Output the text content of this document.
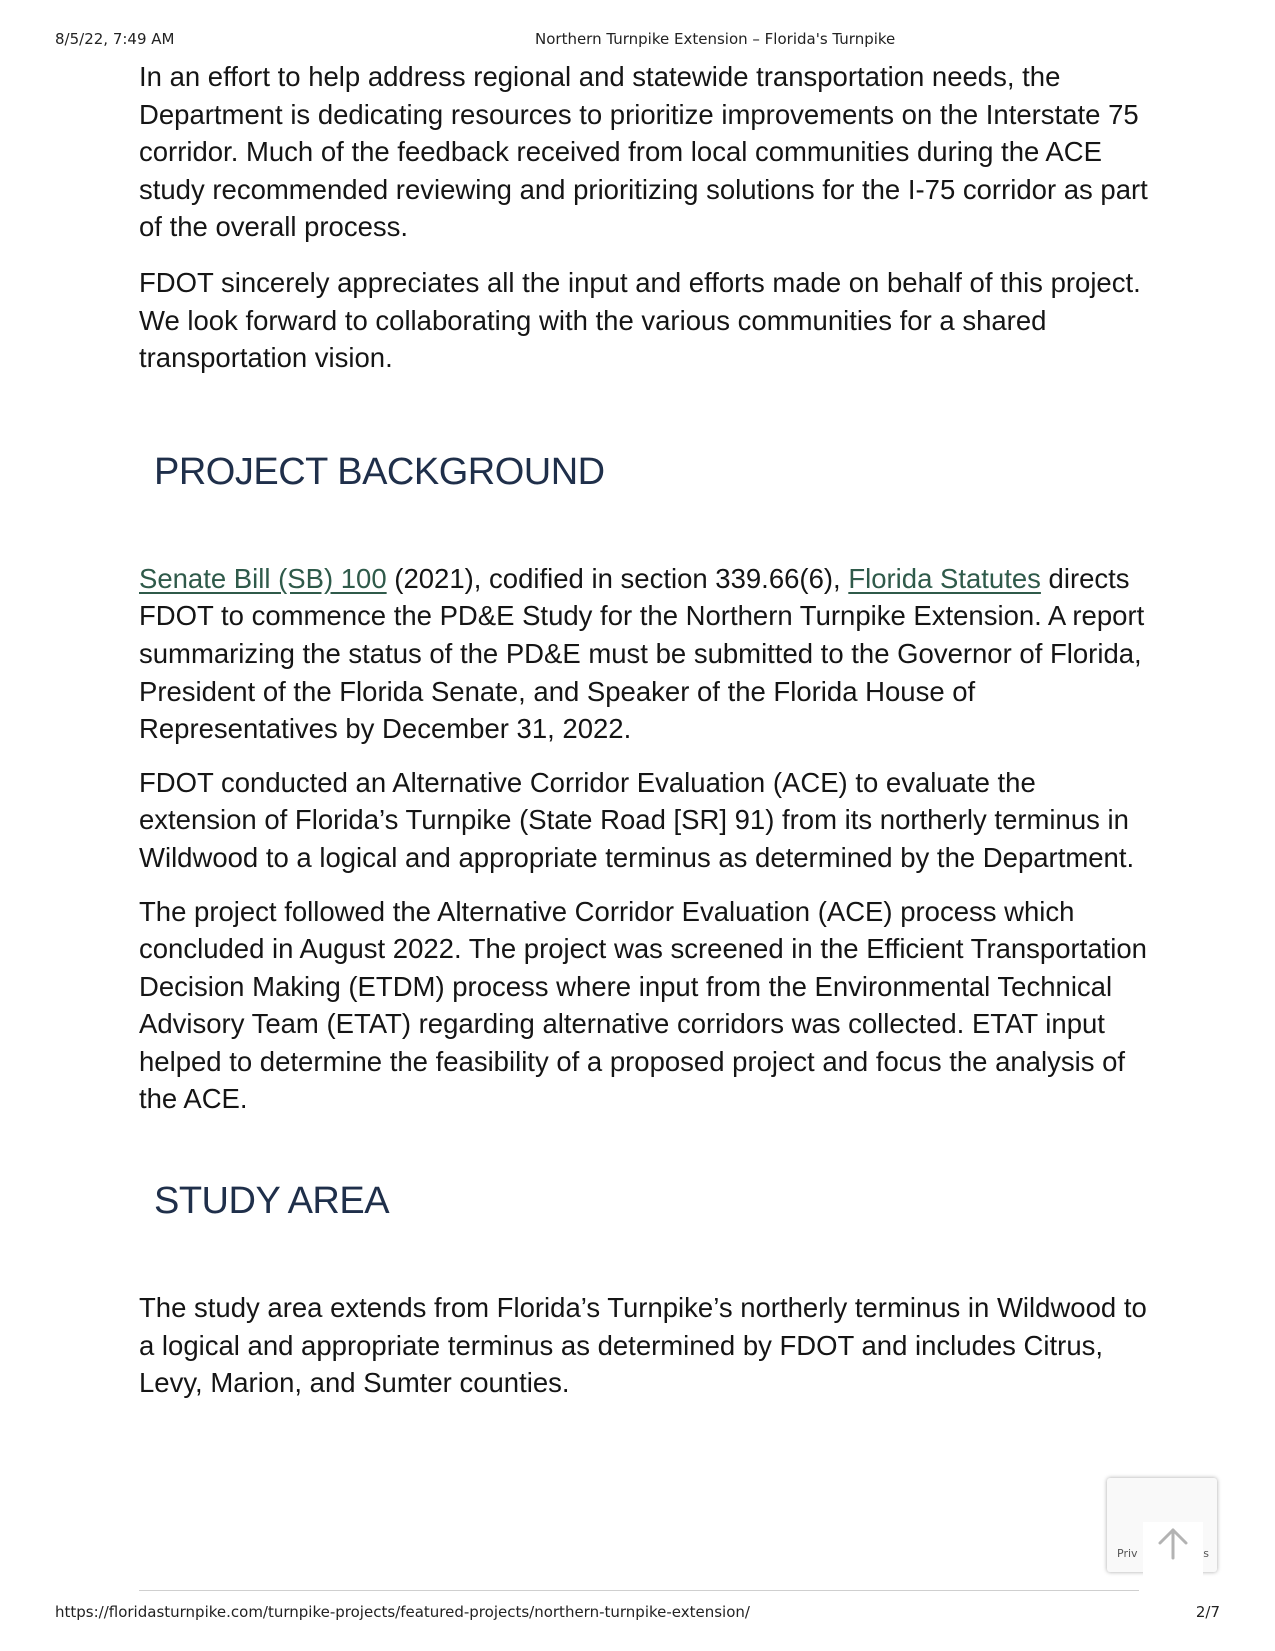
8/5/22, 7:49 AM	Northern Turnpike Extension – Florida's Turnpike

In an effort to help address regional and statewide transportation needs, the Department is dedicating resources to prioritize improvements on the Interstate 75 corridor. Much of the feedback received from local communities during the ACE study recommended reviewing and prioritizing solutions for the I-75 corridor as part of the overall process.

FDOT sincerely appreciates all the input and efforts made on behalf of this project. We look forward to collaborating with the various communities for a shared transportation vision.

PROJECT BACKGROUND

Senate Bill (SB) 100 (2021), codified in section 339.66(6), Florida Statutes directs FDOT to commence the PD&E Study for the Northern Turnpike Extension. A report summarizing the status of the PD&E must be submitted to the Governor of Florida, President of the Florida Senate, and Speaker of the Florida House of Representatives by December 31, 2022.

FDOT conducted an Alternative Corridor Evaluation (ACE) to evaluate the extension of Florida’s Turnpike (State Road [SR] 91) from its northerly terminus in Wildwood to a logical and appropriate terminus as determined by the Department.

The project followed the Alternative Corridor Evaluation (ACE) process which concluded in August 2022. The project was screened in the Efficient Transportation Decision Making (ETDM) process where input from the Environmental Technical Advisory Team (ETAT) regarding alternative corridors was collected. ETAT input helped to determine the feasibility of a proposed project and focus the analysis of the ACE.

STUDY AREA

The study area extends from Florida’s Turnpike’s northerly terminus in Wildwood to a logical and appropriate terminus as determined by FDOT and includes Citrus, Levy, Marion, and Sumter counties.

Priv	s
https://floridasturnpike.com/turnpike-projects/featured-projects/northern-turnpike-extension/	2/7
